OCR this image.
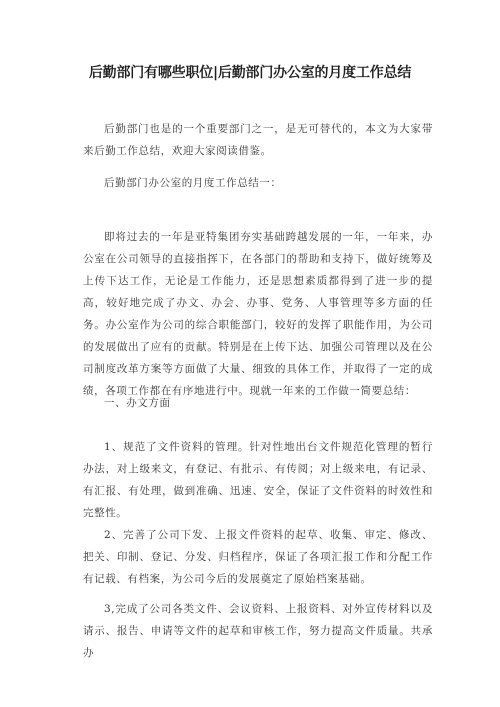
后勤部门有哪些职位|后勤部门办公室的月度工作总结

后勤部门也是的一个重要部门之一，是无可替代的，本文为大家带来后勤工作总结，欢迎大家阅读借鉴。

后勤部门办公室的月度工作总结一：

即将过去的一年是亚特集团夯实基础跨越发展的一年，一年来，办公室在公司领导的直接指挥下，在各部门的帮助和支持下，做好统筹及上传下达工作，无论是工作能力，还是思想素质都得到了进一步的提高，较好地完成了办文、办会、办事、党务、人事管理等多方面的任务。办公室作为公司的综合职能部门，较好的发挥了职能作用，为公司的发展做出了应有的贡献。特别是在上传下达、加强公司管理以及在公司制度改革方案等方面做了大量、细致的具体工作，并取得了一定的成绩，各项工作都在有序地进行中。现就一年来的工作做一简要总结：

一、办文方面

1、规范了文件资料的管理。针对性地出台文件规范化管理的暂行办法，对上级来文，有登记、有批示、有传阅；对上级来电，有记录、有汇报、有处理，做到准确、迅速、安全，保证了文件资料的时效性和完整性。

2、完善了公司下发、上报文件资料的起草、收集、审定、修改、把关、印制、登记、分发、归档程序，保证了各项汇报工作和分配工作有记载、有档案，为公司今后的发展奠定了原始档案基础。

3,完成了公司各类文件、会议资料、上报资料、对外宣传材料以及请示、报告、申请等文件的起草和审核工作，努力提高文件质量。共承办
